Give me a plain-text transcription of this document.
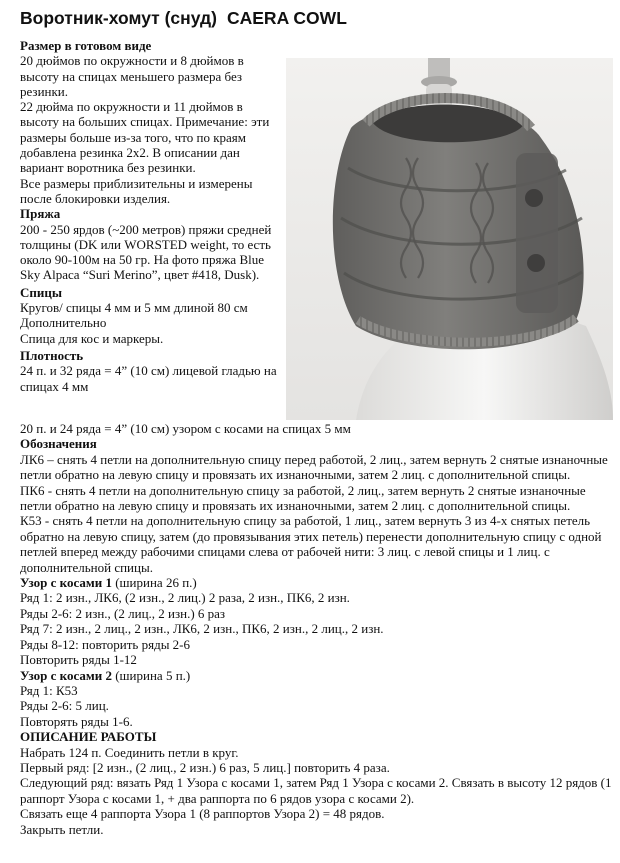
Воротник-хомут (снуд) CAERA COWL

Размер в готовом виде

20 дюймов по окружности и 8 дюймов в высоту на спицах меньшего размера без резинки.

22 дюйма по окружности и 11 дюймов в высоту на больших спицах. Примечание: эти размеры больше из-за того, что по краям добавлена резинка 2х2. В описании дан вариант воротника без резинки.

Все размеры приблизительны и измерены после блокировки изделия.

Пряжа

200 - 250 ярдов (~200 метров) пряжи средней толщины (DK или WORSTED weight, то есть около 90-100м на 50 гр. На фото пряжа Blue Sky Alpaca “Suri Merino”, цвет #418, Dusk).

Спицы

Кругов/ спицы 4 мм и 5 мм длиной 80 см

Дополнительно

Спица для кос и маркеры.

Плотность

24 п. и 32 ряда = 4” (10 см) лицевой гладью на спицах 4 мм

20 п. и 24 ряда = 4” (10 см) узором с косами на спицах 5 мм

Обозначения

ЛК6 – снять 4 петли на дополнительную спицу перед работой, 2 лиц., затем вернуть 2 снятые изнаночные петли обратно на левую спицу и провязать их изнаночными, затем 2 лиц. с дополнительной спицы.

ПК6 - снять 4 петли на дополнительную спицу за работой, 2 лиц., затем вернуть 2 снятые изнаночные петли обратно на левую спицу и провязать их изнаночными, затем 2 лиц. с дополнительной спицы.

К53 - снять 4 петли на дополнительную спицу за работой, 1 лиц., затем вернуть 3 из 4-х снятых петель обратно на левую спицу, затем (до провязывания этих петель) перенести дополнительную спицу с одной петлей вперед между рабочими спицами слева от рабочей нити: 3 лиц. с левой спицы и 1 лиц. с дополнительной спицы.

Узор с косами 1 (ширина 26 п.)

Ряд 1: 2 изн., ЛК6, (2 изн., 2 лиц.) 2 раза, 2 изн., ПК6, 2 изн.

Ряды 2-6: 2 изн., (2 лиц., 2 изн.) 6 раз

Ряд 7: 2 изн., 2 лиц., 2 изн., ЛК6, 2 изн., ПК6, 2 изн., 2 лиц., 2 изн.

Ряды 8-12: повторить ряды 2-6

Повторить ряды 1-12

Узор с косами 2 (ширина 5 п.)

Ряд 1: К53

Ряды 2-6: 5 лиц.

Повторять ряды 1-6.

ОПИСАНИЕ РАБОТЫ

Набрать 124 п. Соединить петли в круг.

Первый ряд: [2 изн., (2 лиц., 2 изн.) 6 раз, 5 лиц.] повторить 4 раза.

Следующий ряд: вязать Ряд 1 Узора с косами 1, затем Ряд 1 Узора с косами 2. Связать в высоту 12 рядов (1 раппорт Узора с косами 1, + два раппорта по 6 рядов узора с косами 2).

Связать еще 4 раппорта Узора 1 (8 раппортов Узора 2) = 48 рядов.

Закрыть петли.
